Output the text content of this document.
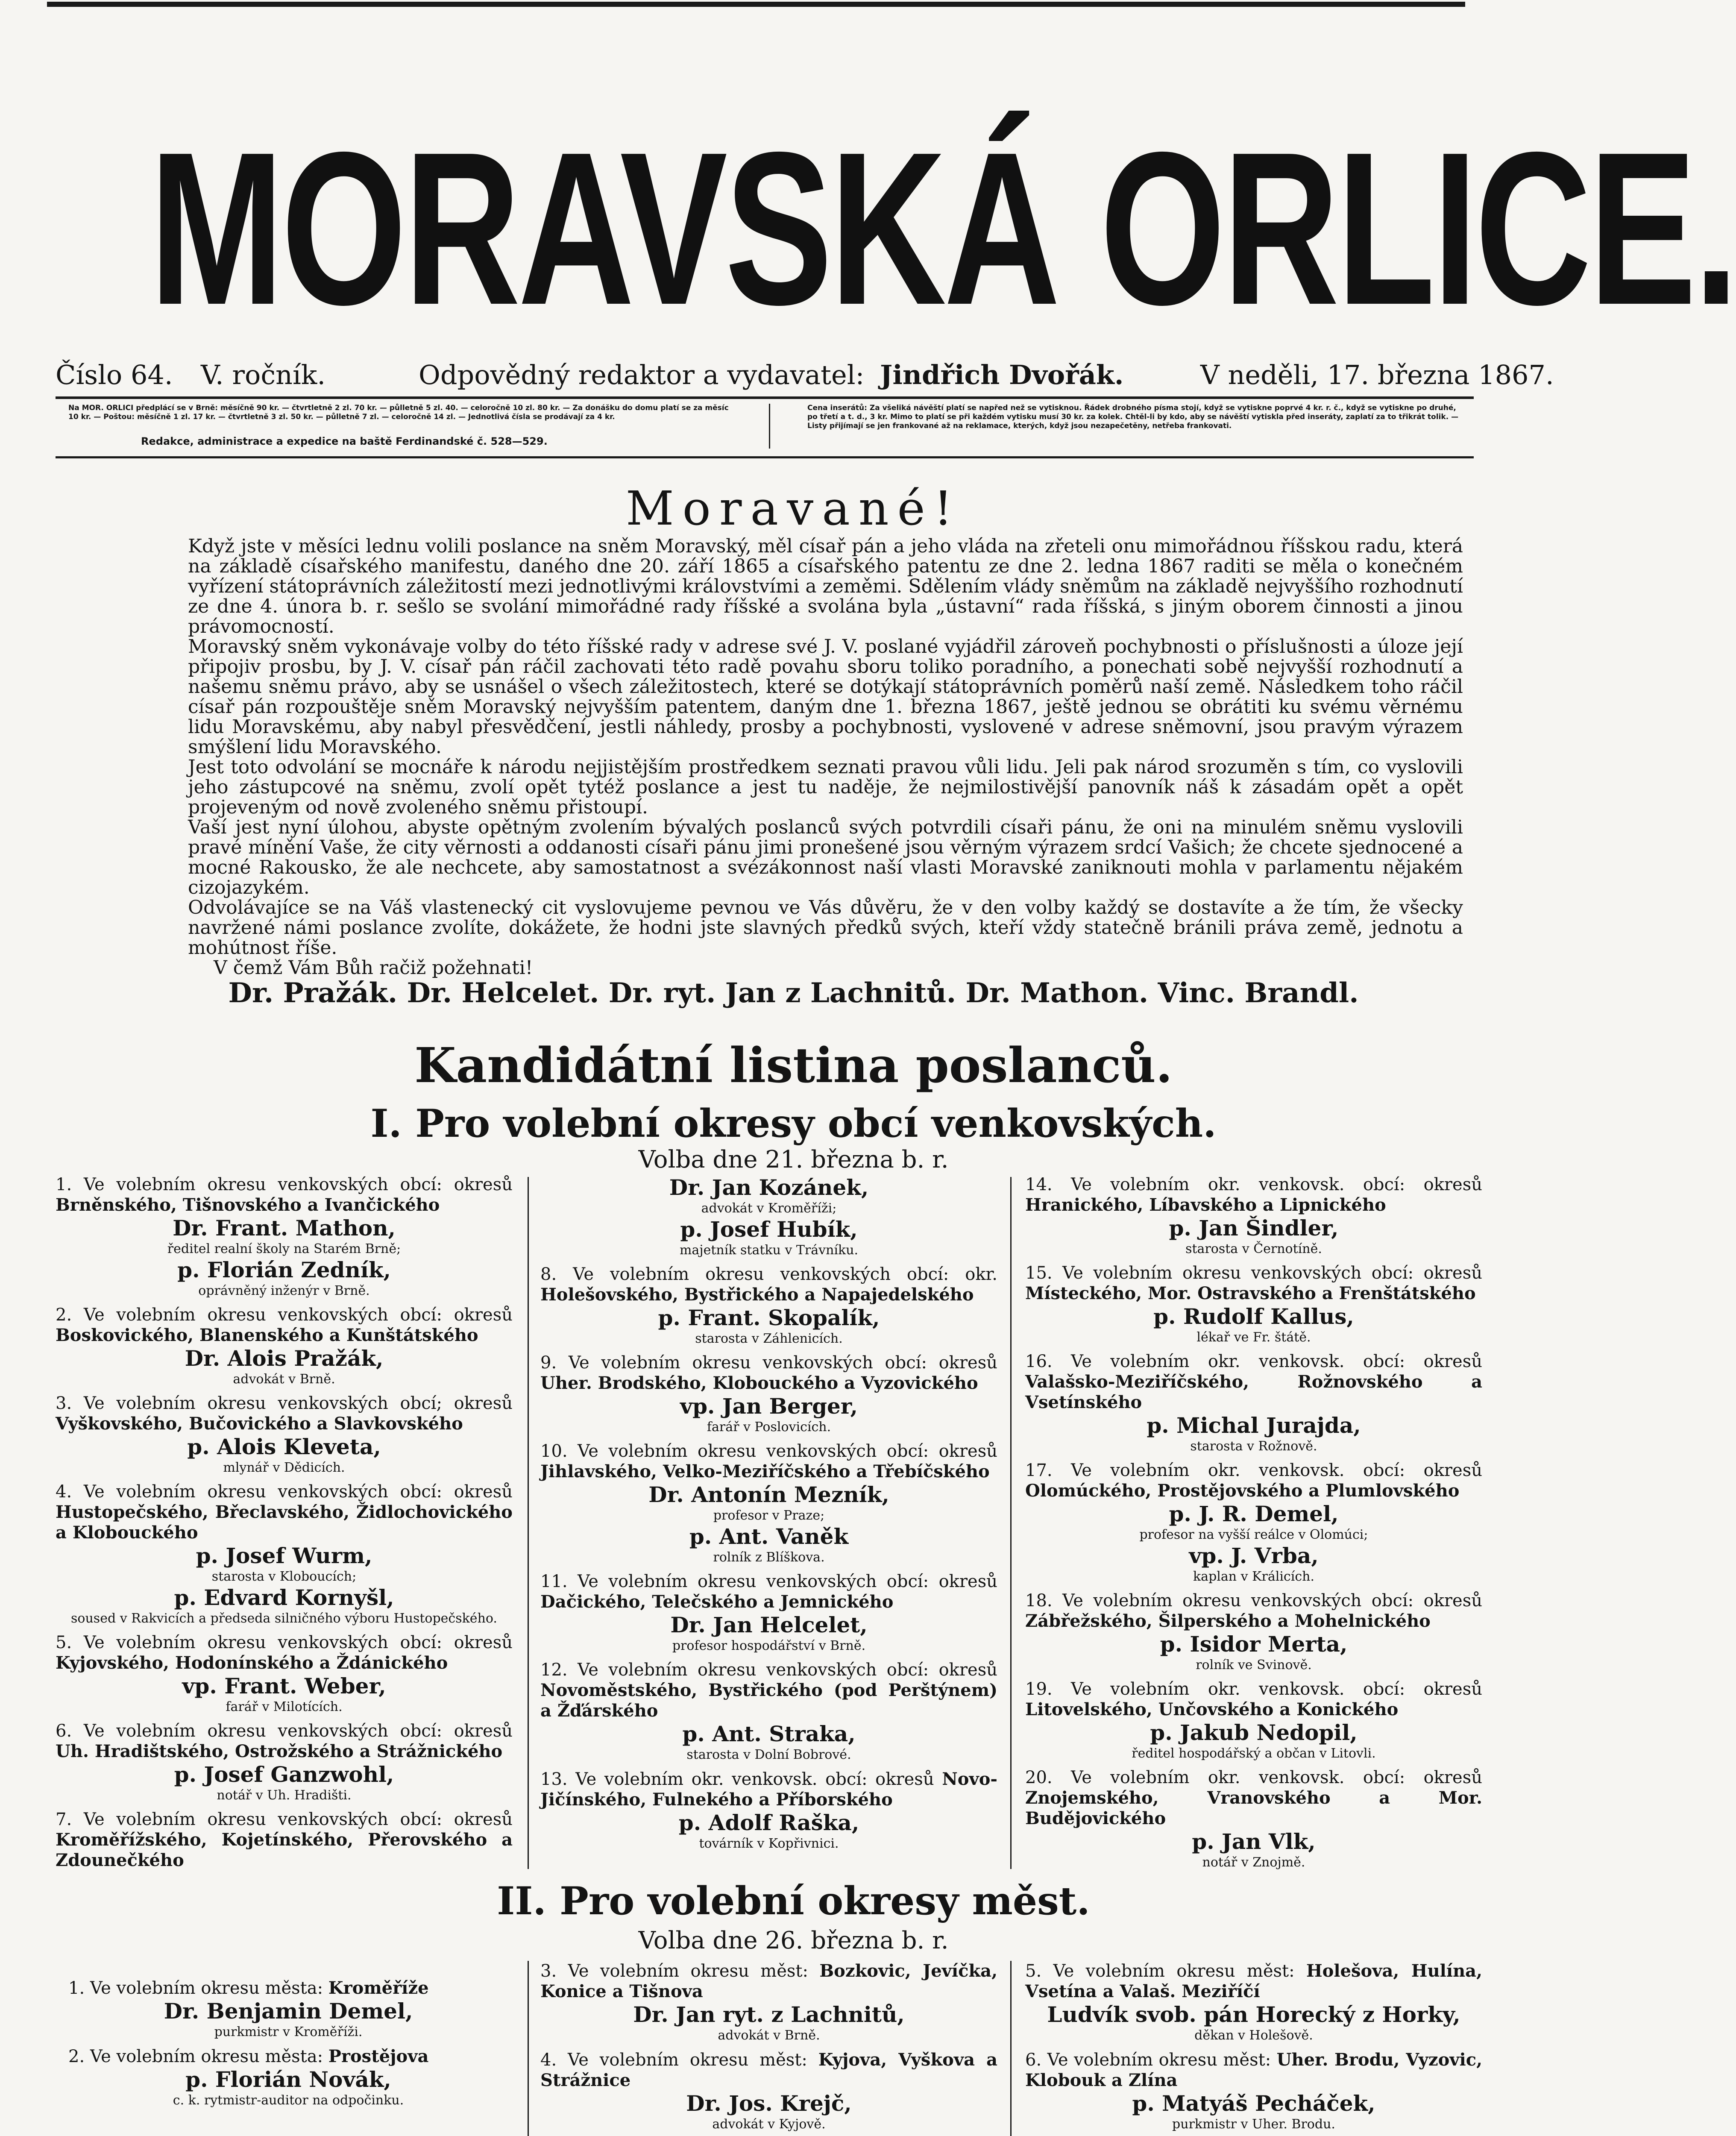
MORAVSKÁ ORLICE.
Číslo 64. V. ročník.	Odpovědný redaktor a vydavatel: Jindřich Dvořák.	V neděli, 17. března 1867.
Na MOR. ORLICI předplácí se v Brně: měsíčně 90 kr. — čtvrtletně 2 zl. 70 kr. — půlletně 5 zl. 40. — celoročně 10 zl. 80 kr. — Za donášku do domu platí se za měsíc 10 kr. — Poštou: měsíčně 1 zl. 17 kr. — čtvrtletně 3 zl. 50 kr. — půlletně 7 zl. — celoročně 14 zl. — Jednotlivá čísla se prodávají za 4 kr.
Redakce, administrace a expedice na baště Ferdinandské č. 528—529.
Cena inserátů: Za všeliká návěští platí se napřed než se vytisknou. Řádek drobného písma stojí, když se vytiskne poprvé 4 kr. r. č., když se vytiskne po druhé, po třetí a t. d., 3 kr. Mimo to platí se při každém vytisku musí 30 kr. za kolek. Chtěl-li by kdo, aby se návěští vytiskla před inseráty, zaplatí za to třikrát tolik. — Listy přijímají se jen frankované až na reklamace, kterých, když jsou nezapečetěny, netřeba frankovati.
Moravané!

Když jste v měsíci lednu volili poslance na sněm Moravský, měl císař pán a jeho vláda na zřeteli onu mimořádnou říšskou radu, která na základě císařského manifestu, daného dne 20. září 1865 a císařského patentu ze dne 2. ledna 1867 raditi se měla o konečném vyřízení státoprávních záležitostí mezi jednotlivými královstvími a zeměmi. Sdělením vlády sněmům na základě nejvyššího rozhodnutí ze dne 4. února b. r. sešlo se svolání mimořádné rady říšské a svolána byla „ústavní“ rada říšská, s jiným oborem činnosti a jinou právomocností.

Moravský sněm vykonávaje volby do této říšské rady v adrese své J. V. poslané vyjádřil zároveň pochybnosti o příslušnosti a úloze její připojiv prosbu, by J. V. císař pán ráčil zachovati této radě povahu sboru toliko poradního, a ponechati sobě nejvyšší rozhodnutí a našemu sněmu právo, aby se usnášel o všech záležitostech, které se dotýkají státoprávních poměrů naší země. Následkem toho ráčil císař pán rozpouštěje sněm Moravský nejvyšším patentem, daným dne 1. března 1867, ještě jednou se obrátiti ku svému věrnému lidu Moravskému, aby nabyl přesvědčení, jestli náhledy, prosby a pochybnosti, vyslovené v adrese sněmovní, jsou pravým výrazem smýšlení lidu Moravského.

Jest toto odvolání se mocnáře k národu nejjistějším prostředkem seznati pravou vůli lidu. Jeli pak národ srozuměn s tím, co vyslovili jeho zástupcové na sněmu, zvolí opět tytéž poslance a jest tu naděje, že nejmilostivější panovník náš k zásadám opět a opět projeveným od nově zvoleného sněmu přistoupí.

Vaší jest nyní úlohou, abyste opětným zvolením bývalých poslanců svých potvrdili císaři pánu, že oni na minulém sněmu vyslovili pravé mínění Vaše, že city věrnosti a oddanosti císaři pánu jimi pronešené jsou věrným výrazem srdcí Vašich; že chcete sjednocené a mocné Rakousko, že ale nechcete, aby samostatnost a svézákonnost naší vlasti Moravské zaniknouti mohla v parlamentu nějakém cizojazykém.

Odvolávajíce se na Váš vlastenecký cit vyslovujeme pevnou ve Vás důvěru, že v den volby každý se dostavíte a že tím, že všecky navržené námi poslance zvolíte, dokážete, že hodni jste slavných předků svých, kteří vždy statečně bránili práva země, jednotu a mohútnost říše.

V čemž Vám Bůh račiž požehnati!

Dr. Pražák. Dr. Helcelet. Dr. ryt. Jan z Lachnitů. Dr. Mathon. Vinc. Brandl.
Kandidátní listina poslanců.
I. Pro volební okresy obcí venkovských.
Volba dne 21. března b. r.
1. Ve volebním okresu venkovských obcí: okresů Brněnského, Tišnovského a Ivančického
Dr. Frant. Mathon,
ředitel realní školy na Starém Brně;
p. Florián Zedník,
oprávněný inženýr v Brně.
2. Ve volebním okresu venkovských obcí: okresů Boskovického, Blanenského a Kunštátského
Dr. Alois Pražák,
advokát v Brně.
3. Ve volebním okresu venkovských obcí; okresů Vyškovského, Bučovického a Slavkovského
p. Alois Kleveta,
mlynář v Dědicích.
4. Ve volebním okresu venkovských obcí: okresů Hustopečského, Břeclavského, Židlochovického a Klobouckého
p. Josef Wurm,
starosta v Kloboucích;
p. Edvard Kornyšl,
soused v Rakvicích a předseda silničného výboru Hustopečského.
5. Ve volebním okresu venkovských obcí: okresů Kyjovského, Hodonínského a Ždánického
vp. Frant. Weber,
farář v Milotících.
6. Ve volebním okresu venkovských obcí: okresů Uh. Hradištského, Ostrožského a Strážnického
p. Josef Ganzwohl,
notář v Uh. Hradišti.
7. Ve volebním okresu venkovských obcí: okresů Kroměřížského, Kojetínského, Přerovského a Zdounečkého
Dr. Jan Kozánek,
advokát v Kroměříži;
p. Josef Hubík,
majetník statku v Trávníku.
8. Ve volebním okresu venkovských obcí: okr. Holešovského, Bystřického a Napajedelského
p. Frant. Skopalík,
starosta v Záhlenicích.
9. Ve volebním okresu venkovských obcí: okresů Uher. Brodského, Klobouckého a Vyzovického
vp. Jan Berger,
farář v Poslovicích.
10. Ve volebním okresu venkovských obcí: okresů Jihlavského, Velko-Meziříčského a Třebíčského
Dr. Antonín Mezník,
profesor v Praze;
p. Ant. Vaněk
rolník z Blíškova.
11. Ve volebním okresu venkovských obcí: okresů Dačického, Telečského a Jemnického
Dr. Jan Helcelet,
profesor hospodářství v Brně.
12. Ve volebním okresu venkovských obcí: okresů Novoměstského, Bystřického (pod Perštýnem) a Žďárského
p. Ant. Straka,
starosta v Dolní Bobrové.
13. Ve volebním okr. venkovsk. obcí: okresů Novo-Jičínského, Fulnekého a Příborského
p. Adolf Raška,
továrník v Kopřivnici.
14. Ve volebním okr. venkovsk. obcí: okresů Hranického, Líbavského a Lipnického
p. Jan Šindler,
starosta v Černotíně.
15. Ve volebním okresu venkovských obcí: okresů Místeckého, Mor. Ostravského a Frenštátského
p. Rudolf Kallus,
lékař ve Fr. štátě.
16. Ve volebním okr. venkovsk. obcí: okresů Valašsko-Meziříčského, Rožnovského a Vsetínského
p. Michal Jurajda,
starosta v Rožnově.
17. Ve volebním okr. venkovsk. obcí: okresů Olomúckého, Prostějovského a Plumlovského
p. J. R. Demel,
profesor na vyšší reálce v Olomúci;
vp. J. Vrba,
kaplan v Králicích.
18. Ve volebním okresu venkovských obcí: okresů Zábřežského, Šilperského a Mohelnického
p. Isidor Merta,
rolník ve Svinově.
19. Ve volebním okr. venkovsk. obcí: okresů Litovelského, Unčovského a Konického
p. Jakub Nedopil,
ředitel hospodářský a občan v Litovli.
20. Ve volebním okr. venkovsk. obcí: okresů Znojemského, Vranovského a Mor. Budějovického
p. Jan Vlk,
notář v Znojmě.
II. Pro volební okresy měst.
Volba dne 26. března b. r.
1. Ve volebním okresu města: Kroměříže
Dr. Benjamin Demel,
purkmistr v Kroměříži.
2. Ve volebním okresu města: Prostějova
p. Florián Novák,
c. k. rytmistr-auditor na odpočinku.
3. Ve volebním okresu měst: Bozkovic, Jevíčka, Konice a Tišnova
Dr. Jan ryt. z Lachnitů,
advokát v Brně.
4. Ve volebním okresu měst: Kyjova, Vyškova a Strážnice
Dr. Jos. Krejč,
advokát v Kyjově.
5. Ve volebním okresu měst: Holešova, Hulína, Vsetína a Valaš. Meziříčí
Ludvík svob. pán Horecký z Horky,
děkan v Holešově.
6. Ve volebním okresu měst: Uher. Brodu, Vyzovic, Klobouk a Zlína
p. Matyáš Pecháček,
purkmistr v Uher. Brodu.
